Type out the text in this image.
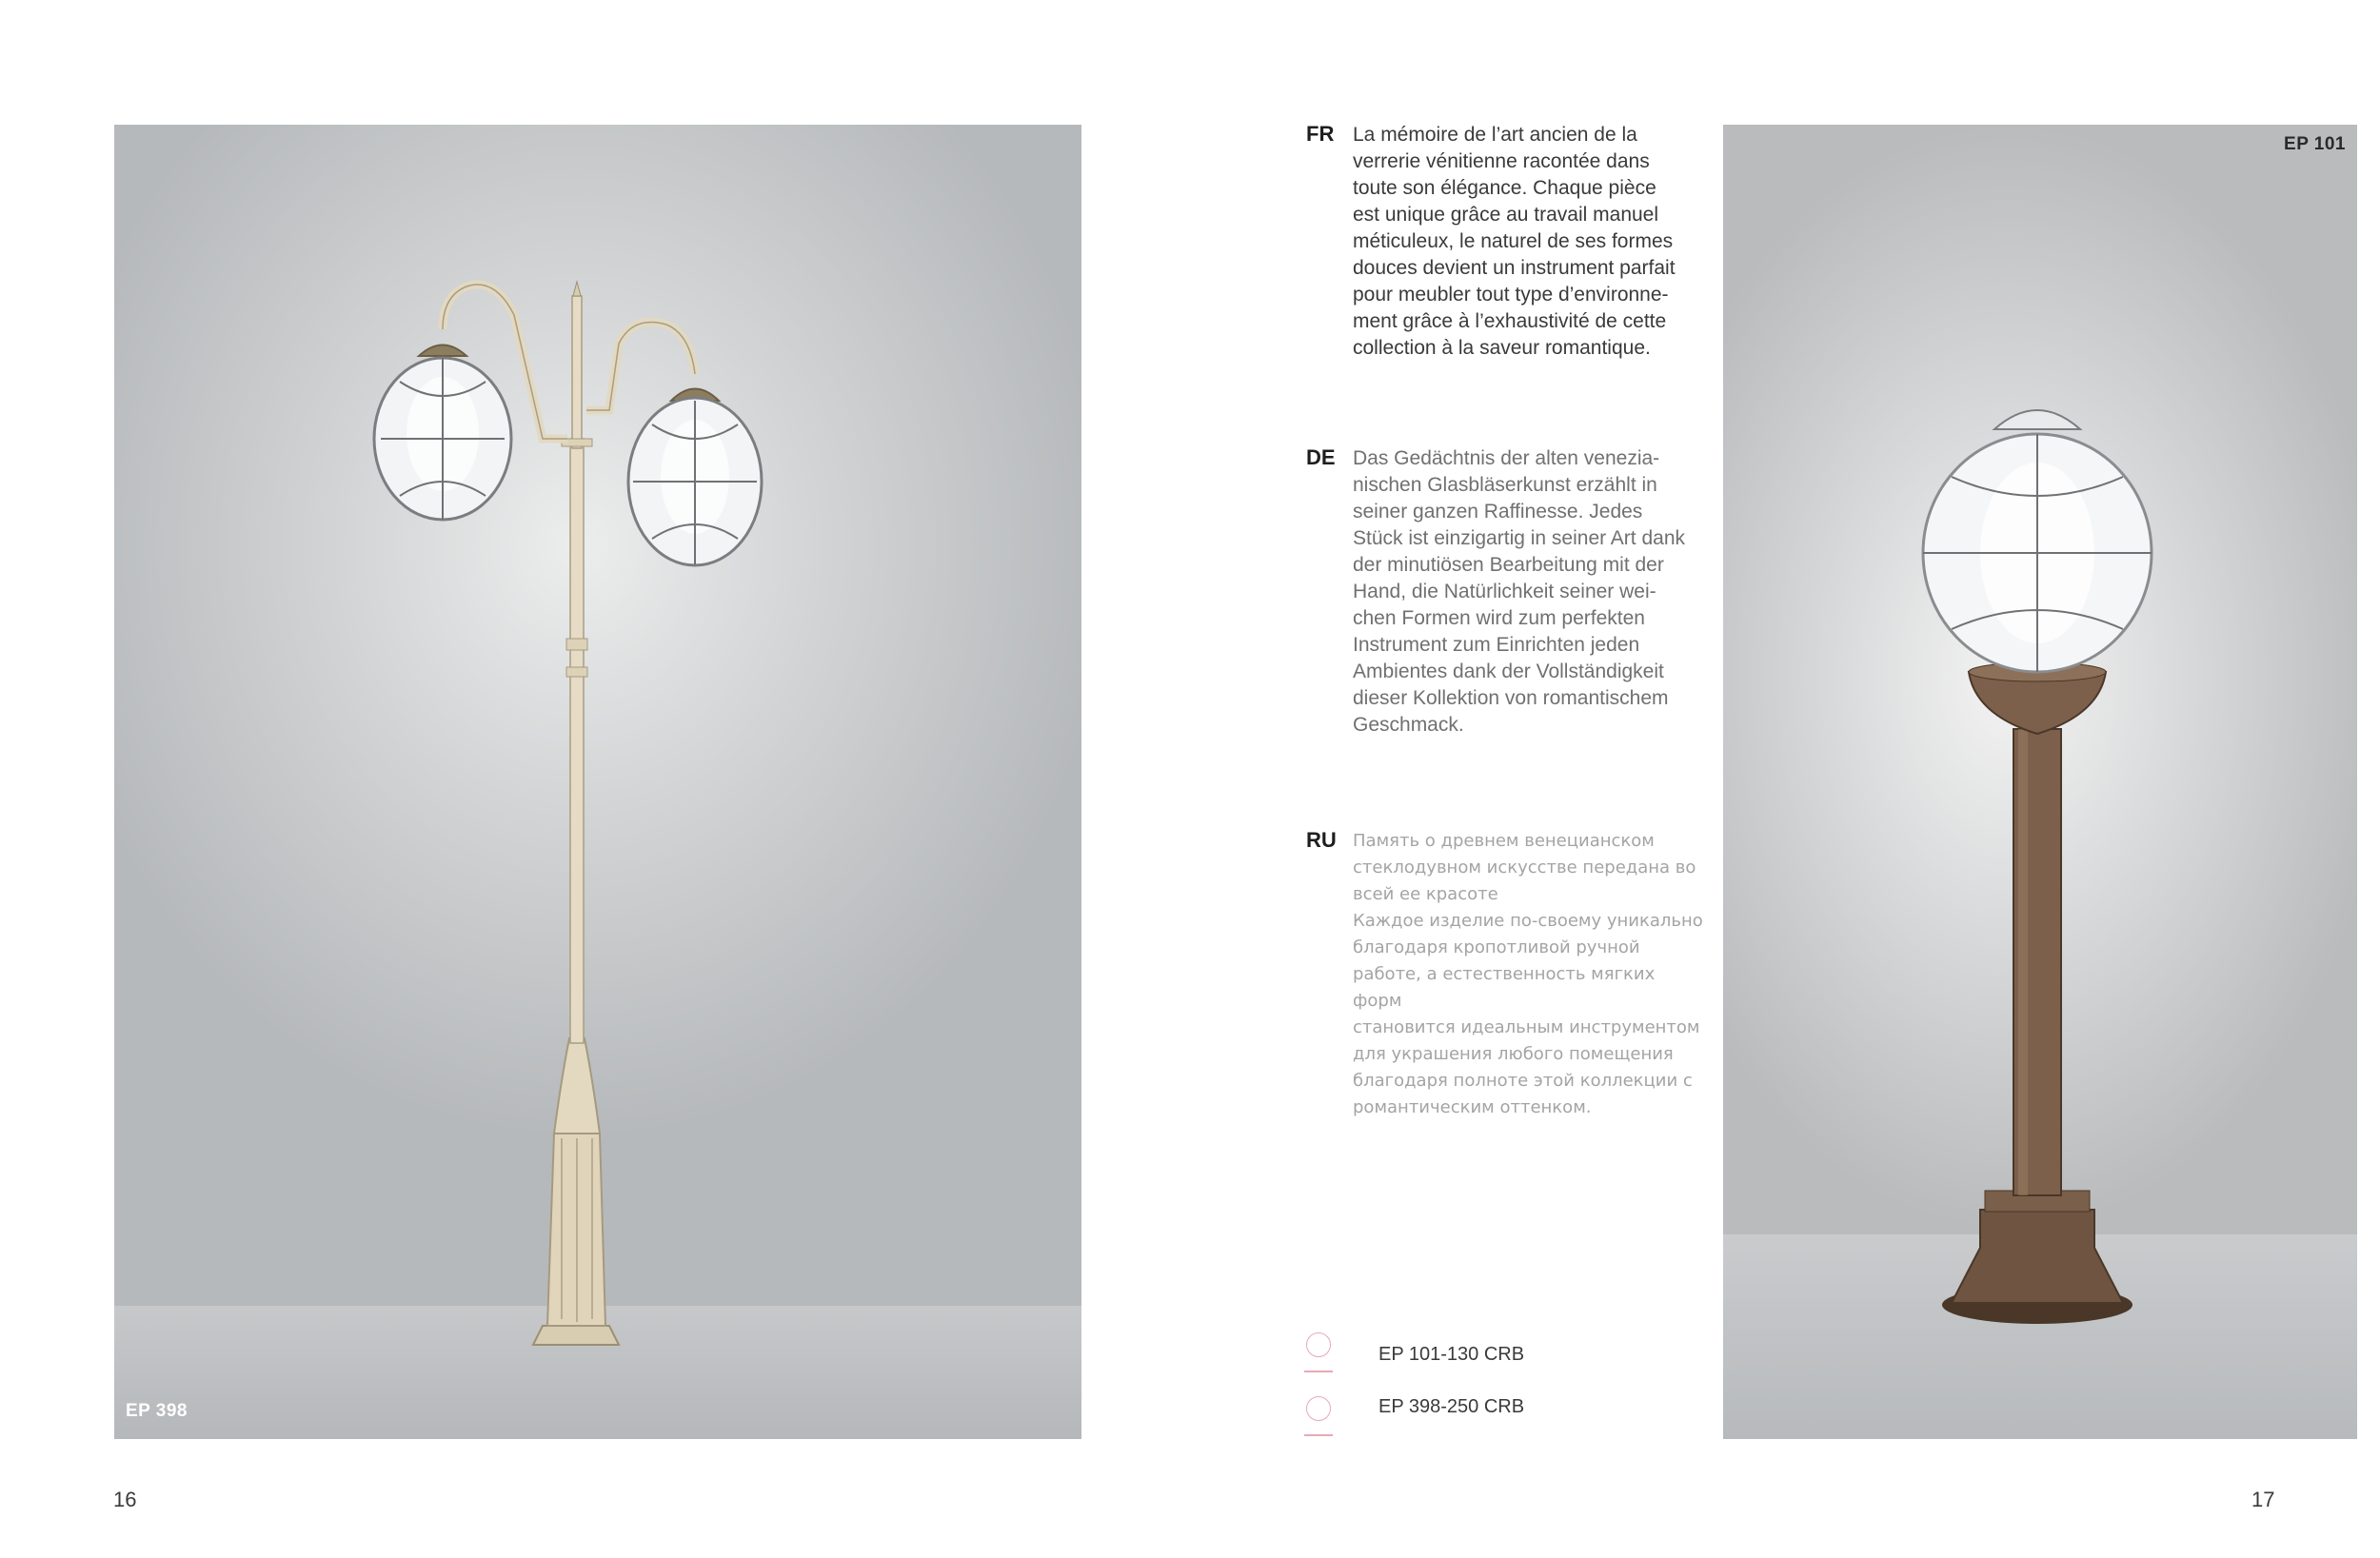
EP 398
EP 101
FR La mémoire de l’art ancien de la
verrerie vénitienne racontée dans
toute son élégance. Chaque pièce
est unique grâce au travail manuel
méticuleux, le naturel de ses formes
douces devient un instrument parfait
pour meubler tout type d’environne-
ment grâce à l’exhaustivité de cette
collection à la saveur romantique.
DE Das Gedächtnis der alten venezia-
nischen Glasbläserkunst erzählt in
seiner ganzen Raffinesse. Jedes
Stück ist einzigartig in seiner Art dank
der minutiösen Bearbeitung mit der
Hand, die Natürlichkeit seiner wei-
chen Formen wird zum perfekten
Instrument zum Einrichten jeden
Ambientes dank der Vollständigkeit
dieser Kollektion von romantischem
Geschmack.
RU Память о древнем венецианском
стеклодувном искусстве передана во
всей ее красоте
Каждое изделие по-своему уникально
благодаря кропотливой ручной
работе, а естественность мягких форм
становится идеальным инструментом
для украшения любого помещения
благодаря полноте этой коллекции с
романтическим оттенком.
EP 101-130 CRB
EP 398-250 CRB
16	17
